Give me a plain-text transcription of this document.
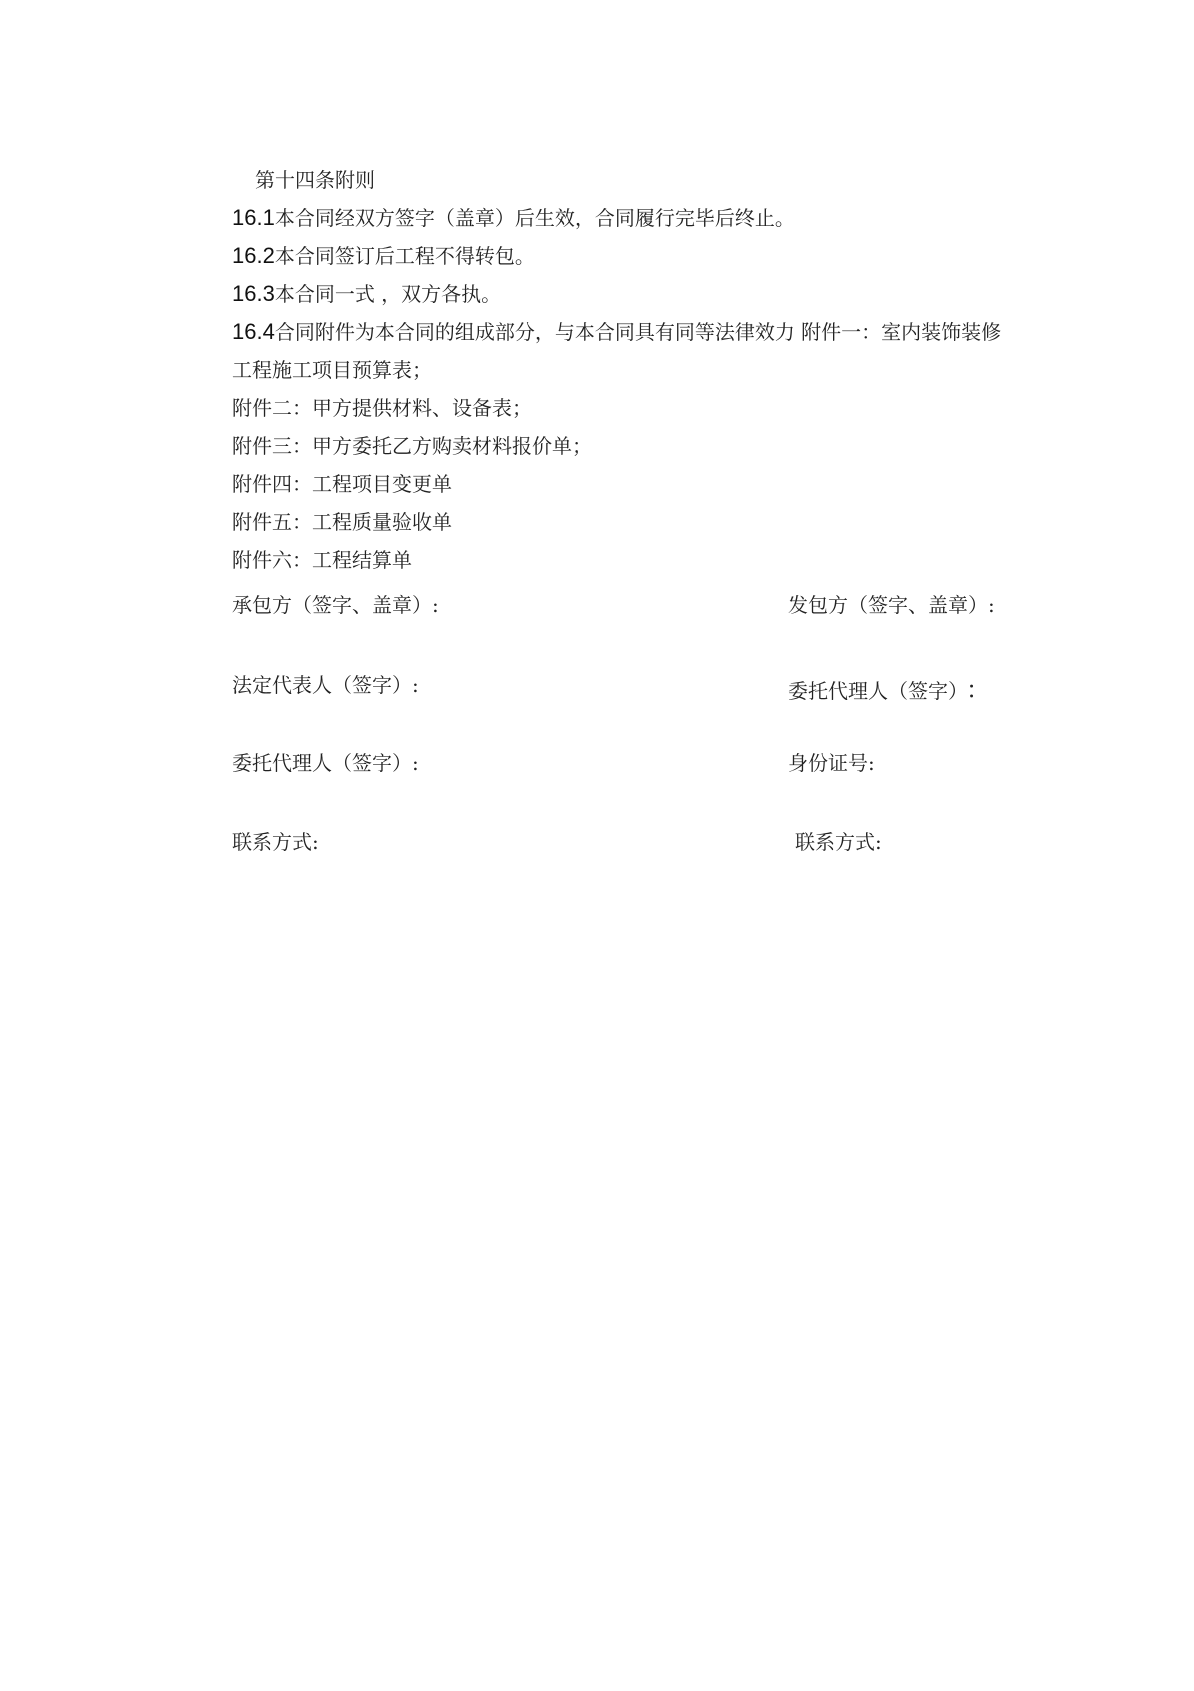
第十四条附则
16.1本合同经双方签字（盖章）后生效，合同履行完毕后终止。
16.2本合同签订后工程不得转包。
16.3本合同一式 ，双方各执。
16.4合同附件为本合同的组成部分，与本合同具有同等法律效力 附件一：室内装饰装修
工程施工项目预算表；
附件二：甲方提供材料、设备表；
附件三：甲方委托乙方购卖材料报价单；
附件四：工程项目变更单
附件五：工程质量验收单
附件六：工程结算单
承包方（签字、盖章）:
法定代表人（签字）:
委托代理人（签字）:
联系方式:
发包方（签字、盖章）:
委托代理人（签字） ：
身份证号:
联系方式:
